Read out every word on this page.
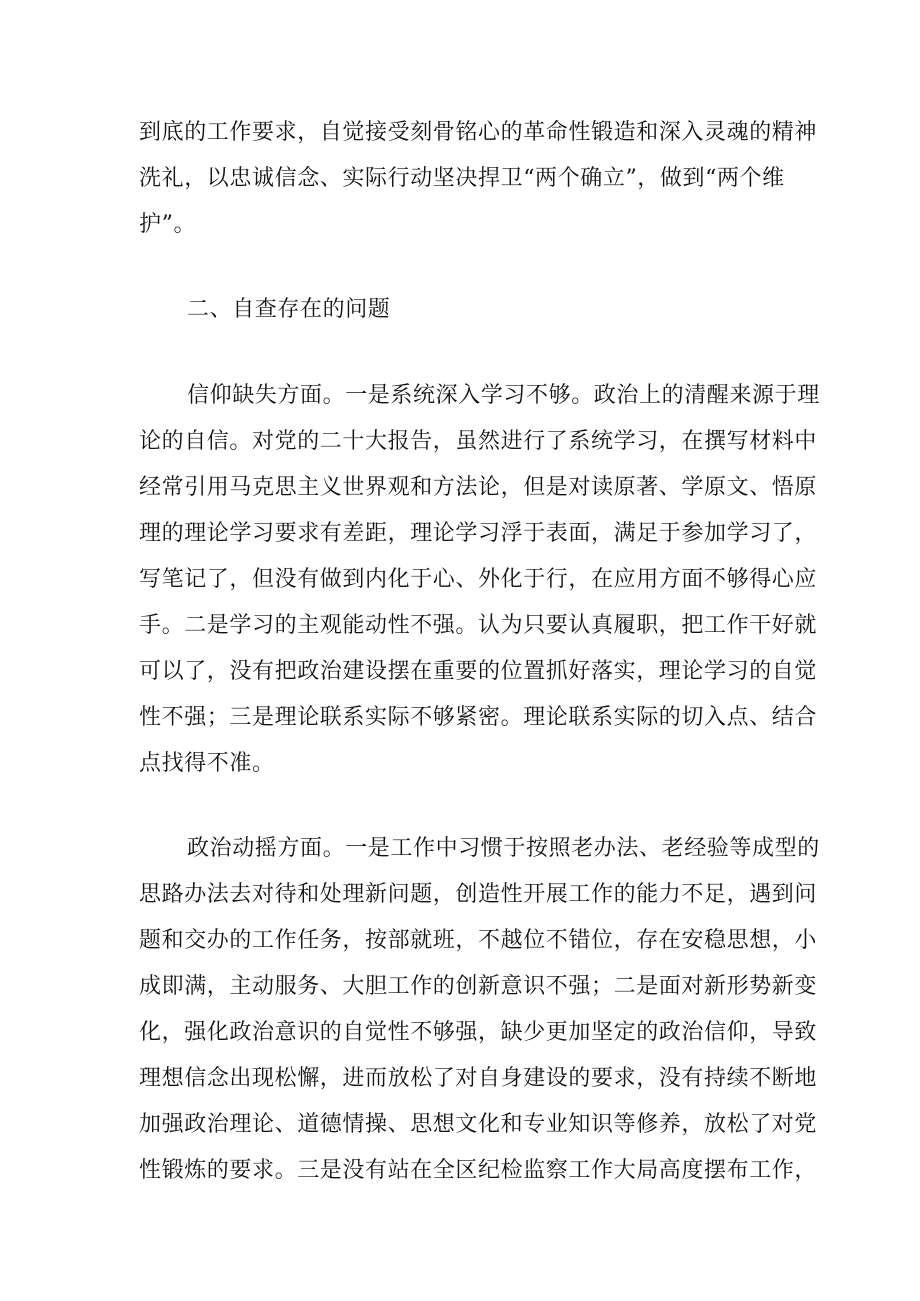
到底的工作要求，自觉接受刻骨铭心的革命性锻造和深入灵魂的精神
洗礼，以忠诚信念、实际行动坚决捍卫“两个确立”，做到“两个维
护”。
二、自查存在的问题
信仰缺失方面。一是系统深入学习不够。政治上的清醒来源于理
论的自信。对党的二十大报告，虽然进行了系统学习，在撰写材料中
经常引用马克思主义世界观和方法论，但是对读原著、学原文、悟原
理的理论学习要求有差距，理论学习浮于表面，满足于参加学习了，
写笔记了，但没有做到内化于心、外化于行，在应用方面不够得心应
手。二是学习的主观能动性不强。认为只要认真履职，把工作干好就
可以了，没有把政治建设摆在重要的位置抓好落实，理论学习的自觉
性不强；三是理论联系实际不够紧密。理论联系实际的切入点、结合
点找得不准。
政治动摇方面。一是工作中习惯于按照老办法、老经验等成型的
思路办法去对待和处理新问题，创造性开展工作的能力不足，遇到问
题和交办的工作任务，按部就班，不越位不错位，存在安稳思想，小
成即满，主动服务、大胆工作的创新意识不强；二是面对新形势新变
化，强化政治意识的自觉性不够强，缺少更加坚定的政治信仰，导致
理想信念出现松懈，进而放松了对自身建设的要求，没有持续不断地
加强政治理论、道德情操、思想文化和专业知识等修养，放松了对党
性锻炼的要求。三是没有站在全区纪检监察工作大局高度摆布工作，
